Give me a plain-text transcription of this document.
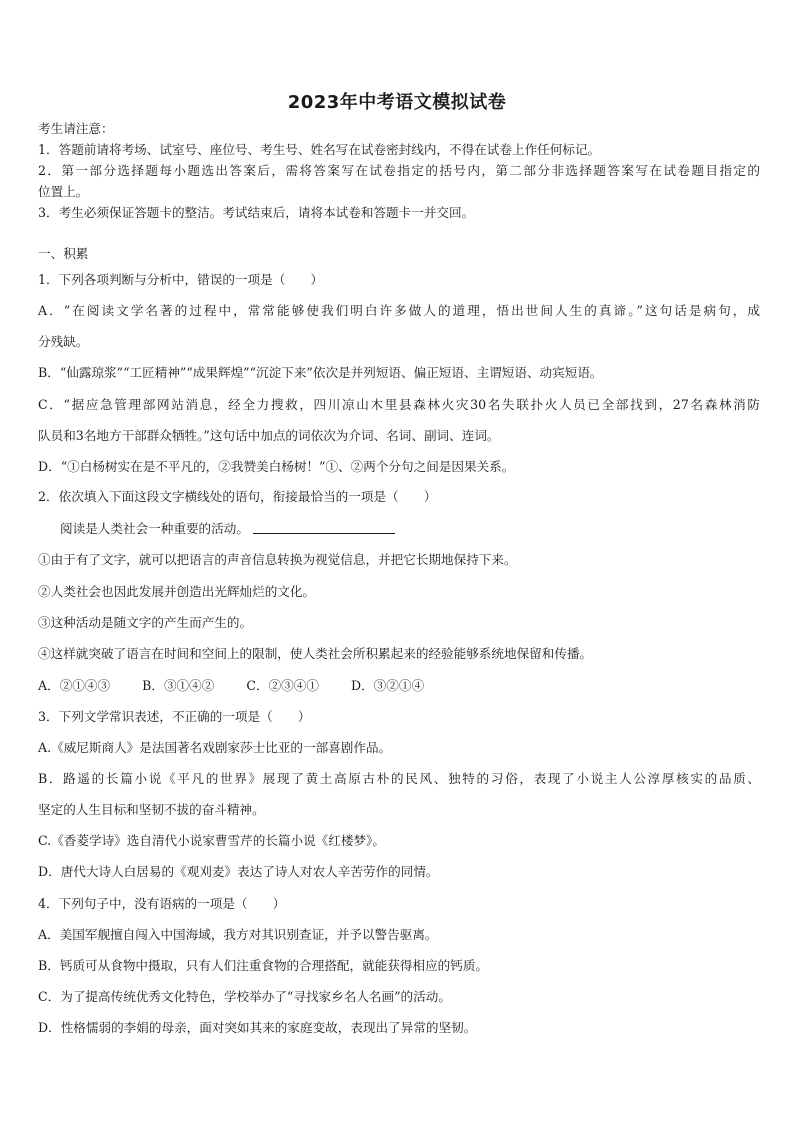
2023年中考语文模拟试卷
考生请注意：
1．答题前请将考场、试室号、座位号、考生号、姓名写在试卷密封线内，不得在试卷上作任何标记。
2．第一部分选择题每小题选出答案后，需将答案写在试卷指定的括号内，第二部分非选择题答案写在试卷题目指定的
位置上。
3．考生必须保证答题卡的整洁。考试结束后，请将本试卷和答题卡一并交回。
一、积累
1．下列各项判断与分析中，错误的一项是（　　）
A．“在阅读文学名著的过程中，常常能够使我们明白许多做人的道理，悟出世间人生的真谛。”这句话是病句，成
分残缺。
B．“仙露琼浆”“工匠精神”“成果辉煌”“沉淀下来”依次是并列短语、偏正短语、主谓短语、动宾短语。
C．“据应急管理部网站消息，经全力搜救，四川凉山木里县森林火灾30名失联扑火人员已全部找到，27名森林消防
队员和3名地方干部群众牺牲。”这句话中加点的词依次为介词、名词、副词、连词。
D．“①白杨树实在是不平凡的，②我赞美白杨树！”①、②两个分句之间是因果关系。
2．依次填入下面这段文字横线处的语句，衔接最恰当的一项是（　　）
阅读是人类社会一种重要的活动。
①由于有了文字，就可以把语言的声音信息转换为视觉信息，并把它长期地保持下来。
②人类社会也因此发展并创造出光辉灿烂的文化。
③这种活动是随文字的产生而产生的。
④这样就突破了语言在时间和空间上的限制，使人类社会所积累起来的经验能够系统地保留和传播。
A．②①④③	B．③①④②	C．②③④①	D．③②①④
3．下列文学常识表述，不正确的一项是（　　）
A.《威尼斯商人》是法国著名戏剧家莎士比亚的一部喜剧作品。
B．路遥的长篇小说《平凡的世界》展现了黄土高原古朴的民风、独特的习俗，表现了小说主人公淳厚核实的品质、
坚定的人生目标和坚韧不拔的奋斗精神。
C.《香菱学诗》选自清代小说家曹雪芹的长篇小说《红楼梦》。
D．唐代大诗人白居易的《观刈麦》表达了诗人对农人辛苦劳作的同情。
4．下列句子中，没有语病的一项是（　　）
A．美国军舰擅自闯入中国海域，我方对其识别查证，并予以警告驱离。
B．钙质可从食物中摄取，只有人们注重食物的合理搭配，就能获得相应的钙质。
C．为了提高传统优秀文化特色，学校举办了“寻找家乡名人名画”的活动。
D．性格懦弱的李娟的母亲，面对突如其来的家庭变故，表现出了异常的坚韧。
